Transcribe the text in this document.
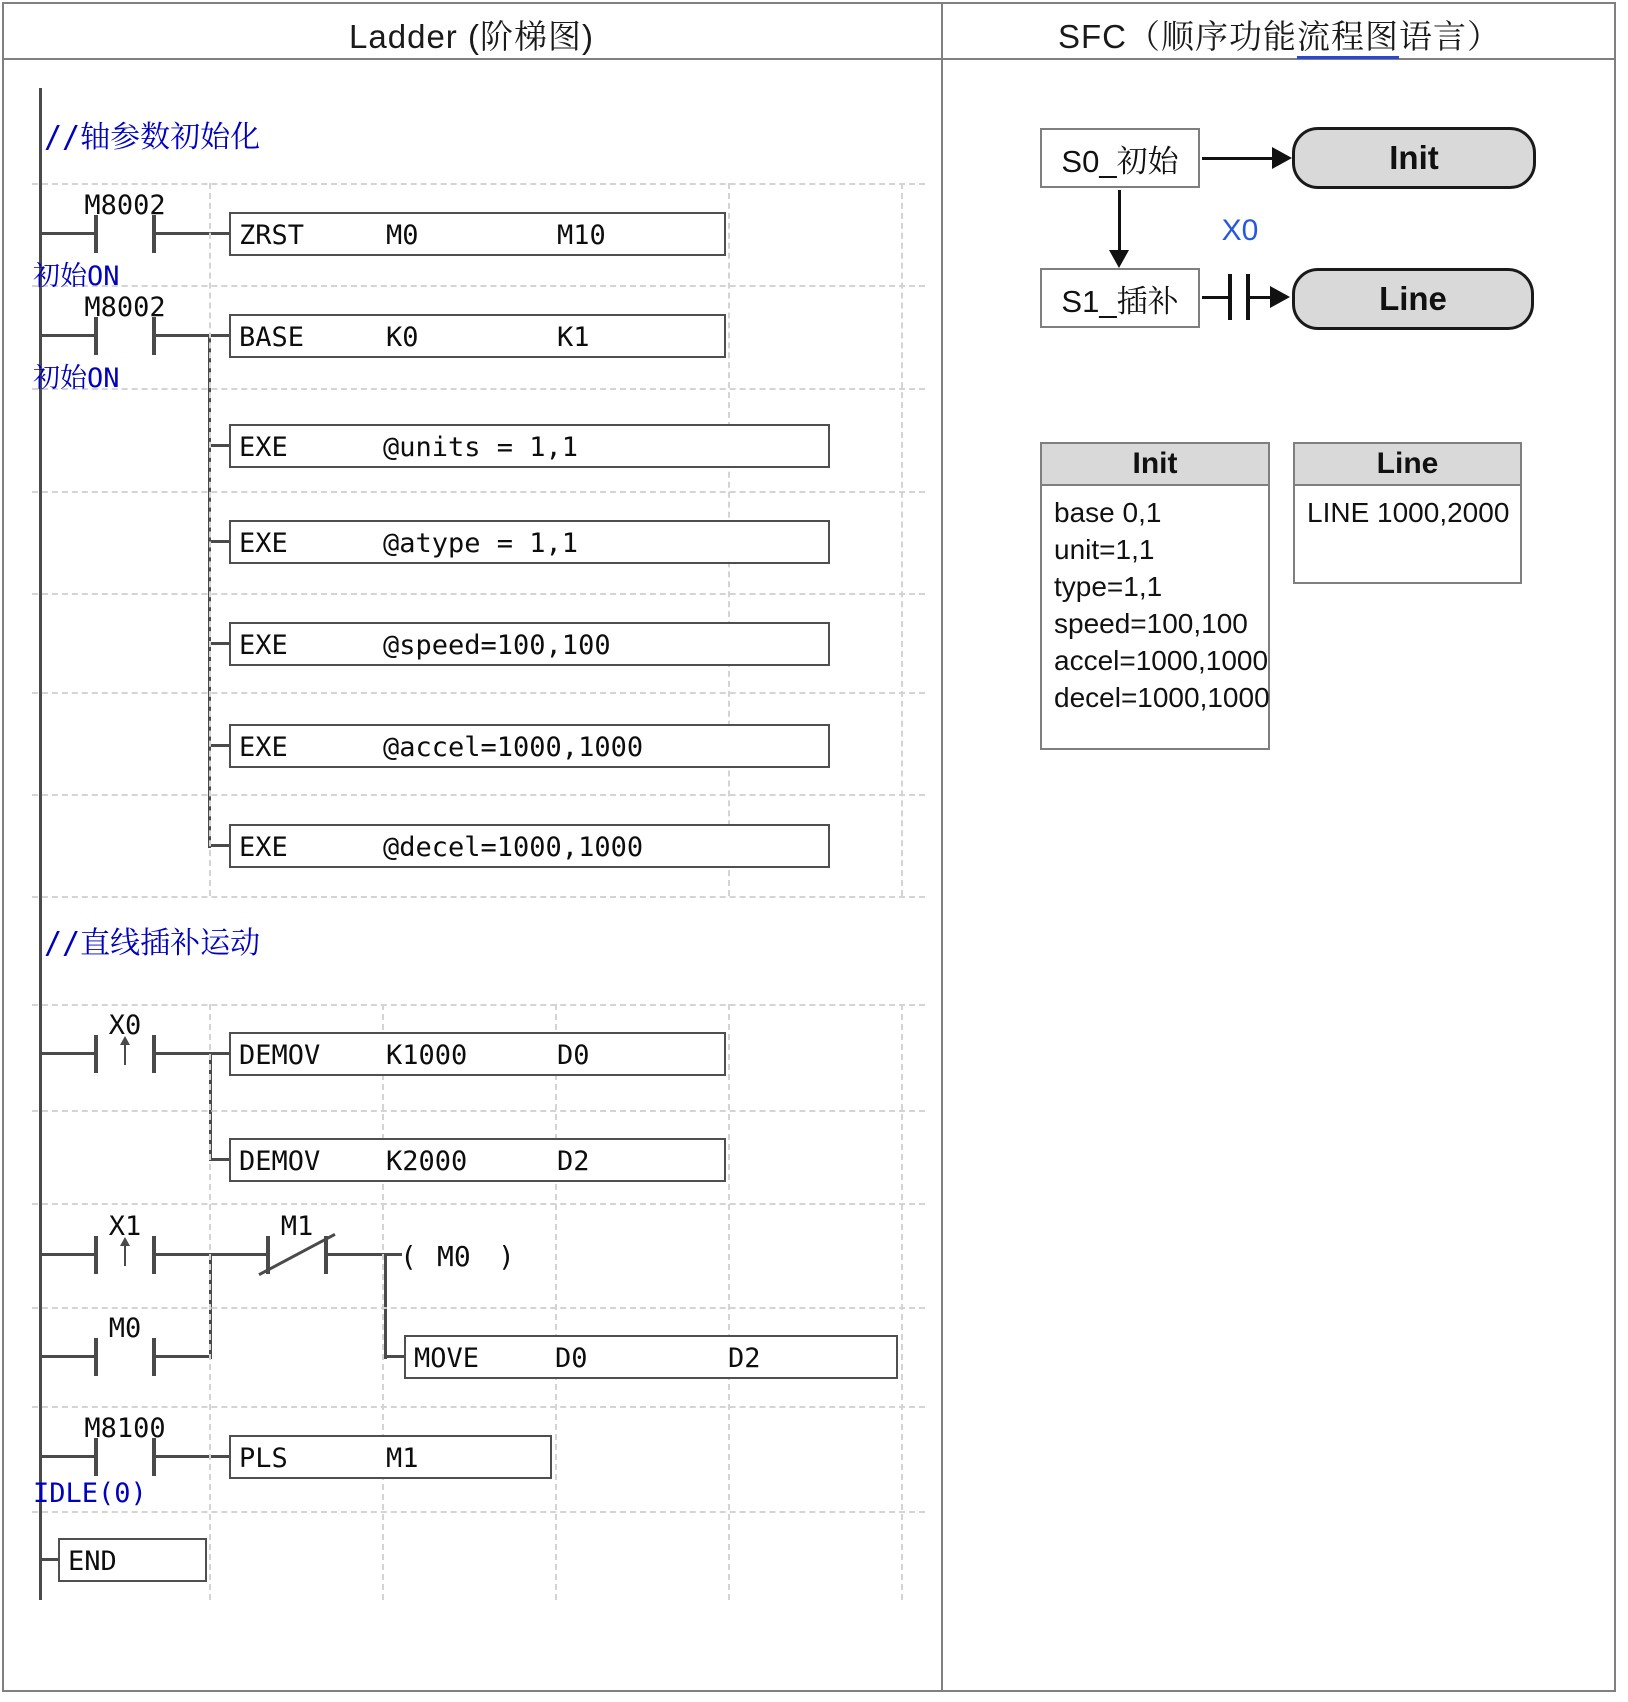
Ladder (阶梯图)	SFC（顺序功能流程图语言）
//轴参数初始化
//直线插补运动
M8002
初始ON
ZRST	M0	M10
M8002
初始ON
BASE	K0	K1
EXE	@units = 1,1
EXE	@atype = 1,1
EXE	@speed=100,100
EXE	@accel=1000,1000
EXE	@decel=1000,1000
X0
DEMOV K1000	D0
DEMOV K2000	D2
X1	M1
( M0 )
M0
MOVE	D0	D2
M8100
IDLE(0)
PLS	M1
END
S0_初始	Init
S1_插补
X0
Line
Init
base 0,1
unit=1,1
type=1,1
speed=100,100
accel=1000,1000
decel=1000,1000
Line
LINE 1000,2000
